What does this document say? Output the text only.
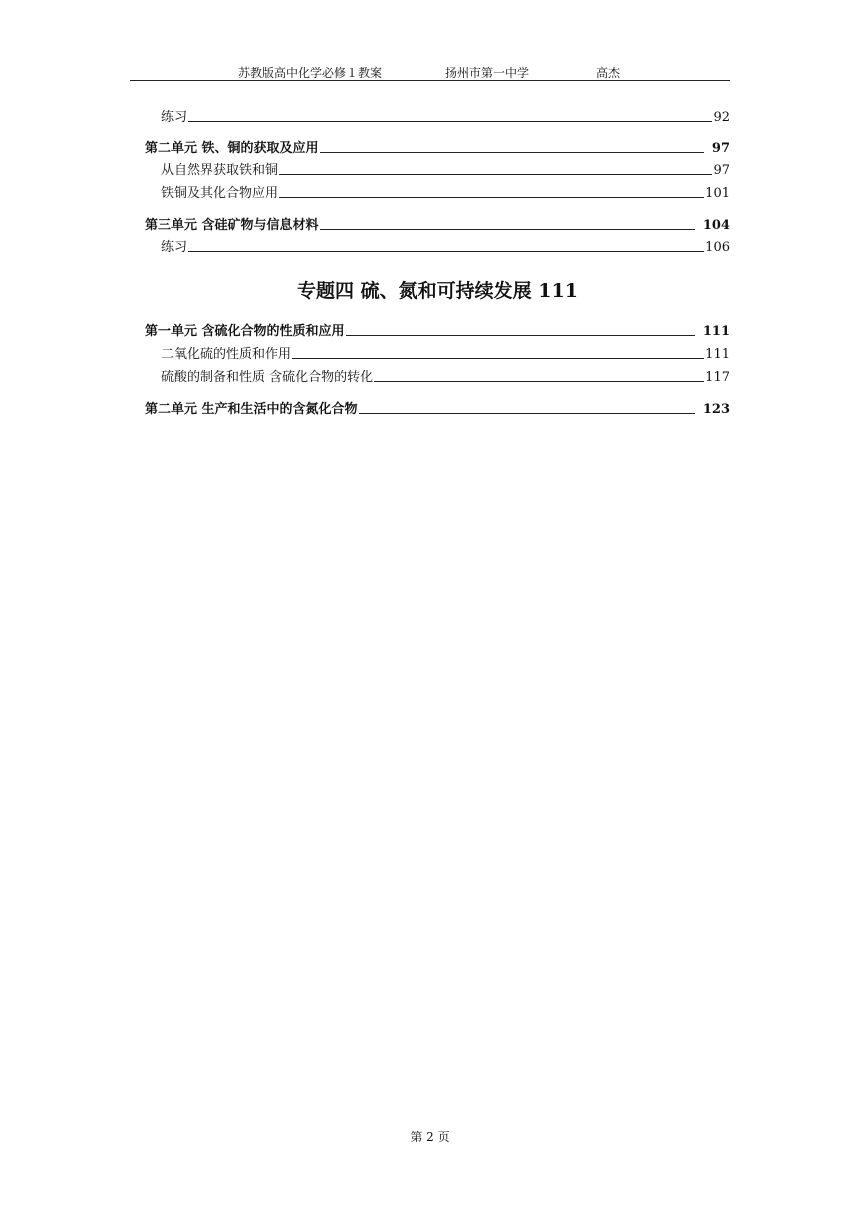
苏教版高中化学必修１教案	扬州市第一中学	高杰
练习	92
第二单元 铁、铜的获取及应用	97
从自然界获取铁和铜	97
铁铜及其化合物应用	101
第三单元 含硅矿物与信息材料	104
练习	106
第一单元 含硫化合物的性质和应用	111
二氧化硫的性质和作用	111
硫酸的制备和性质 含硫化合物的转化	117
第二单元 生产和生活中的含氮化合物	123
专题四 硫、氮和可持续发展 111
第 2 页
